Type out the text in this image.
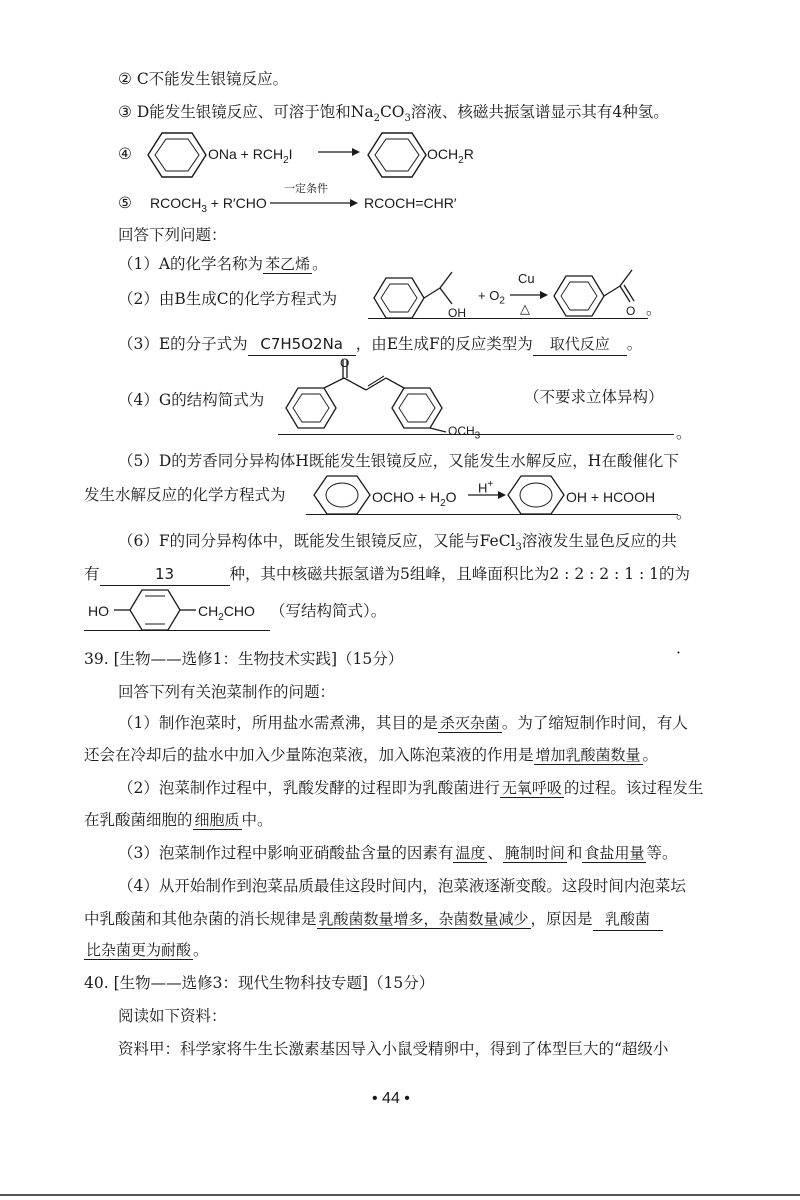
② C不能发生银镜反应。
③ D能发生银镜反应、可溶于饱和$Na_2CO_3$溶液、核磁共振氢谱显示其有4种氢。
④	ONa + $RCH_2I$	$OCH_2R$
⑤ $RCOCH_3 + R'CHO$
一定条件
RCOCH=CHR′
回答下列问题：
（1）A的化学名称为 苯乙烯 。
（2）由B生成C的化学方程式为
OH
+ $O_2$
Cu
△	O 。
（3）E的分子式为 C7H5O2Na ，由E生成F的反应类型为 取代反应 。
（4）G的结构简式为
O
$OCH_3$
（不要求立体异构）
。
（5）D的芳香同分异构体H既能发生银镜反应，又能发生水解反应，H在酸催化下
发生水解反应的化学方程式为	OCHO + $H_2O$
H+
OH + HCOOH
。
（6）F的同分异构体中，既能发生银镜反应，又能与FeCl$_3$溶液发生显色反应的共
有	13	种，其中核磁共振氢谱为5组峰，且峰面积比为2 : 2 : 2 : 1 : 1的为
HO	$CH_2CHO$ （写结构简式）。
39. [生物——选修1：生物技术实践]（15分）	·
回答下列有关泡菜制作的问题：
（1）制作泡菜时，所用盐水需煮沸，其目的是 杀灭杂菌 。为了缩短制作时间，有人
还会在冷却后的盐水中加入少量陈泡菜液，加入陈泡菜液的作用是 增加乳酸菌数量 。
（2）泡菜制作过程中，乳酸发酵的过程即为乳酸菌进行 无氧呼吸 的过程。该过程发生
在乳酸菌细胞的 细胞质 中。
（3）泡菜制作过程中影响亚硝酸盐含量的因素有 温度 、 腌制时间 和 食盐用量 等。
（4）从开始制作到泡菜品质最佳这段时间内，泡菜液逐渐变酸。这段时间内泡菜坛
中乳酸菌和其他杂菌的消长规律是 乳酸菌数量增多，杂菌数量减少 ，原因是 乳酸菌
比杂菌更为耐酸 。
40. [生物——选修3：现代生物科技专题]（15分）
阅读如下资料：
资料甲：科学家将牛生长激素基因导入小鼠受精卵中，得到了体型巨大的“超级小
• 44 •
